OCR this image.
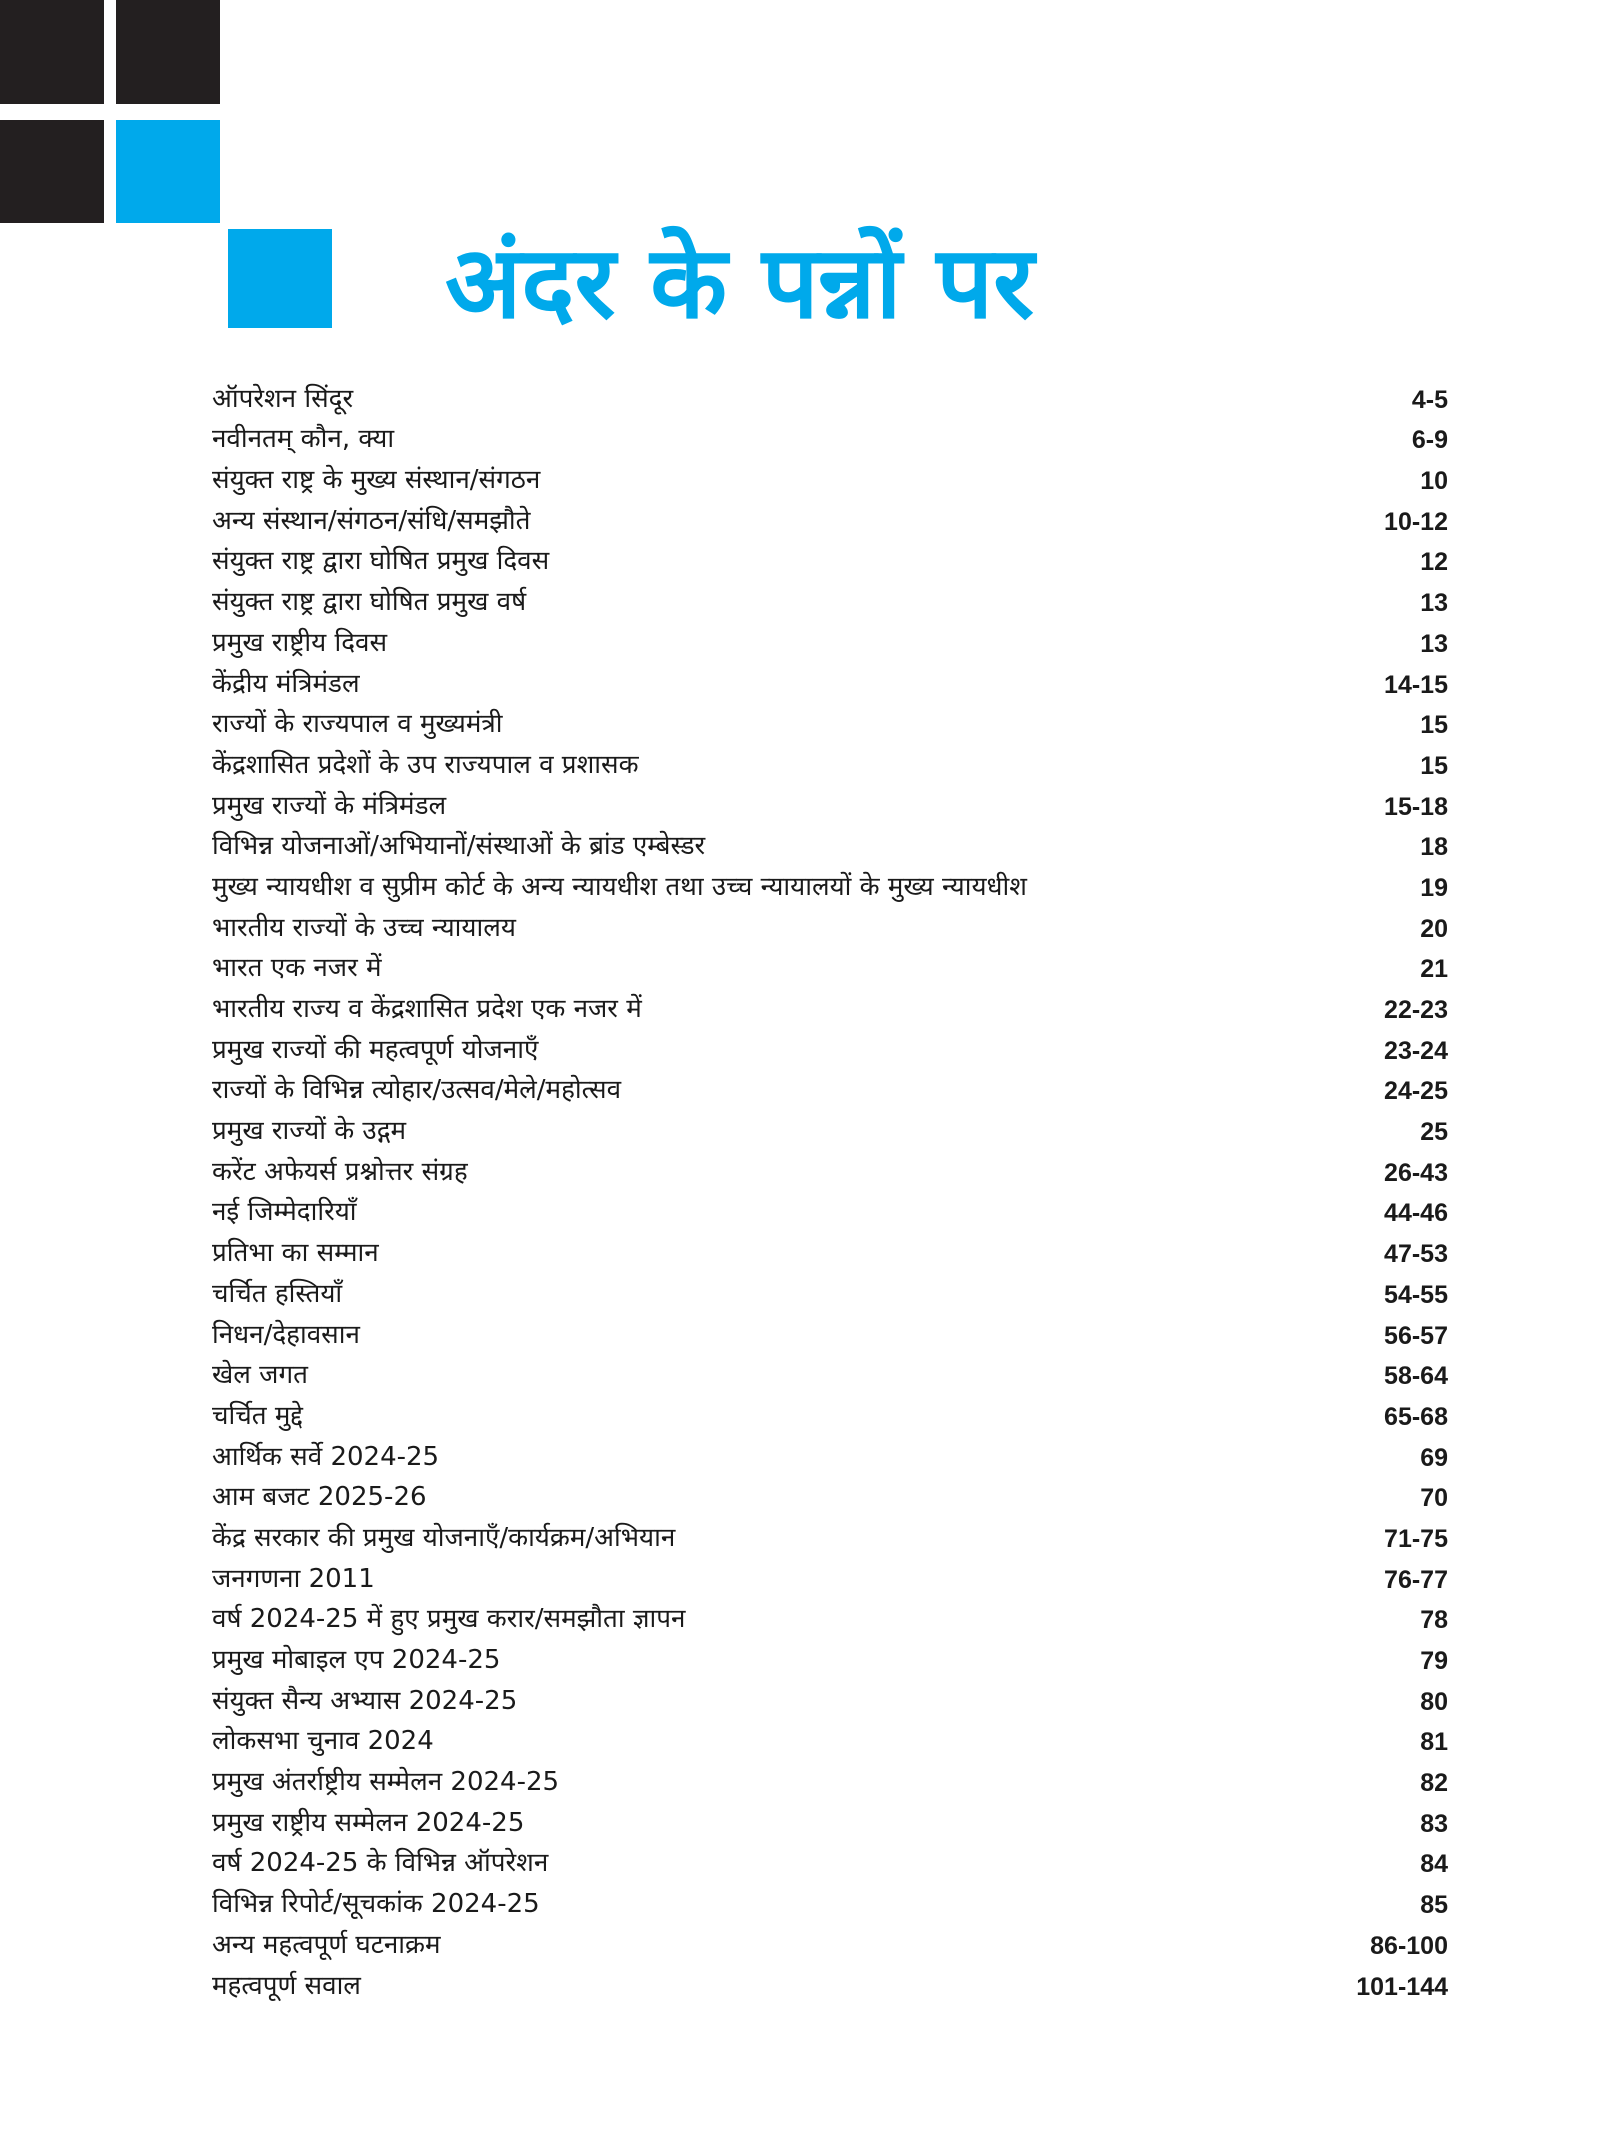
अंदर के पन्नों पर
ऑपरेशन सिंदूर	4-5
नवीनतम् कौन, क्या	6-9
संयुक्त राष्ट्र के मुख्य संस्थान/संगठन	10
अन्य संस्थान/संगठन/संधि/समझौते	10-12
संयुक्त राष्ट्र द्वारा घोषित प्रमुख दिवस	12
संयुक्त राष्ट्र द्वारा घोषित प्रमुख वर्ष	13
प्रमुख राष्ट्रीय दिवस	13
केंद्रीय मंत्रिमंडल	14-15
राज्यों के राज्यपाल व मुख्यमंत्री	15
केंद्रशासित प्रदेशों के उप राज्यपाल व प्रशासक	15
प्रमुख राज्यों के मंत्रिमंडल	15-18
विभिन्न योजनाओं/अभियानों/संस्थाओं के ब्रांड एम्बेस्डर	18
मुख्य न्यायधीश व सुप्रीम कोर्ट के अन्य न्यायधीश तथा उच्च न्यायालयों के मुख्य न्यायधीश	19
भारतीय राज्यों के उच्च न्यायालय	20
भारत एक नजर में	21
भारतीय राज्य व केंद्रशासित प्रदेश एक नजर में	22-23
प्रमुख राज्यों की महत्वपूर्ण योजनाएँ	23-24
राज्यों के विभिन्न त्योहार/उत्सव/मेले/महोत्सव	24-25
प्रमुख राज्यों के उद्गम	25
करेंट अफेयर्स प्रश्नोत्तर संग्रह	26-43
नई जिम्मेदारियाँ	44-46
प्रतिभा का सम्मान	47-53
चर्चित हस्तियाँ	54-55
निधन/देहावसान	56-57
खेल जगत	58-64
चर्चित मुद्दे	65-68
आर्थिक सर्वे 2024-25	69
आम बजट 2025-26	70
केंद्र सरकार की प्रमुख योजनाएँ/कार्यक्रम/अभियान	71-75
जनगणना 2011	76-77
वर्ष 2024-25 में हुए प्रमुख करार/समझौता ज्ञापन	78
प्रमुख मोबाइल एप 2024-25	79
संयुक्त सैन्य अभ्यास 2024-25	80
लोकसभा चुनाव 2024	81
प्रमुख अंतर्राष्ट्रीय सम्मेलन 2024-25	82
प्रमुख राष्ट्रीय सम्मेलन 2024-25	83
वर्ष 2024-25 के विभिन्न ऑपरेशन	84
विभिन्न रिपोर्ट/सूचकांक 2024-25	85
अन्य महत्वपूर्ण घटनाक्रम	86-100
महत्वपूर्ण सवाल	101-144
